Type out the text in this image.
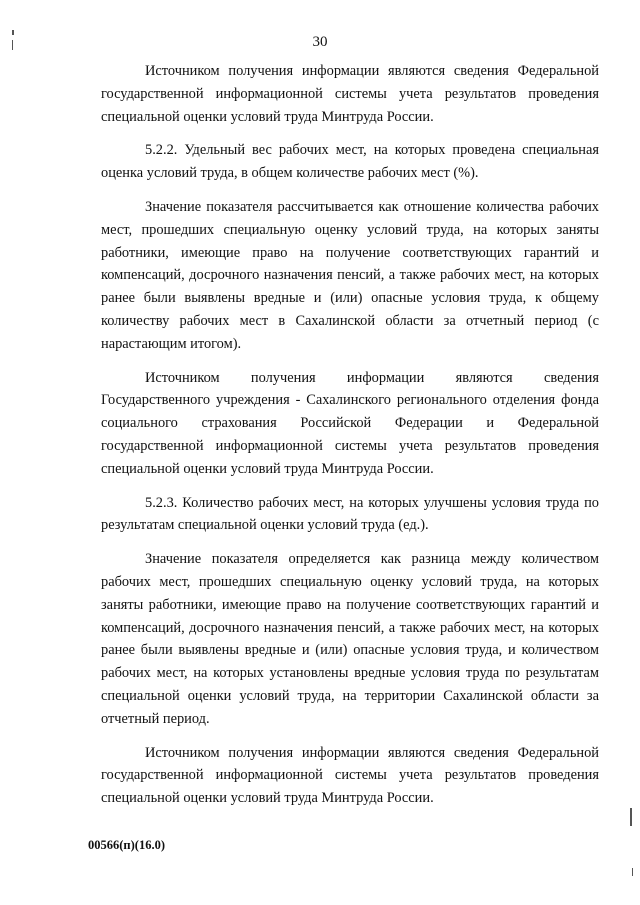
30

Источником получения информации являются сведения Федеральной государственной информационной системы учета результатов проведения специальной оценки условий труда Минтруда России.

5.2.2. Удельный вес рабочих мест, на которых проведена специальная оценка условий труда, в общем количестве рабочих мест (%).

Значение показателя рассчитывается как отношение количества рабочих мест, прошедших специальную оценку условий труда, на которых заняты работники, имеющие право на получение соответствующих гарантий и компенсаций, досрочного назначения пенсий, а также рабочих мест, на которых ранее были выявлены вредные и (или) опасные условия труда, к общему количеству рабочих мест в Сахалинской области за отчетный период (с нарастающим итогом).

Источником получения информации являются сведения Государственного учреждения - Сахалинского регионального отделения фонда социального страхования Российской Федерации и Федеральной государственной информационной системы учета результатов проведения специальной оценки условий труда Минтруда России.

5.2.3. Количество рабочих мест, на которых улучшены условия труда по результатам специальной оценки условий труда (ед.).

Значение показателя определяется как разница между количеством рабочих мест, прошедших специальную оценку условий труда, на которых заняты работники, имеющие право на получение соответствующих гарантий и компенсаций, досрочного назначения пенсий, а также рабочих мест, на которых ранее были выявлены вредные и (или) опасные условия труда, и количеством рабочих мест, на которых установлены вредные условия труда по результатам специальной оценки условий труда, на территории Сахалинской области за отчетный период.

Источником получения информации являются сведения Федеральной государственной информационной системы учета результатов проведения специальной оценки условий труда Минтруда России.

00566(п)(16.0)
